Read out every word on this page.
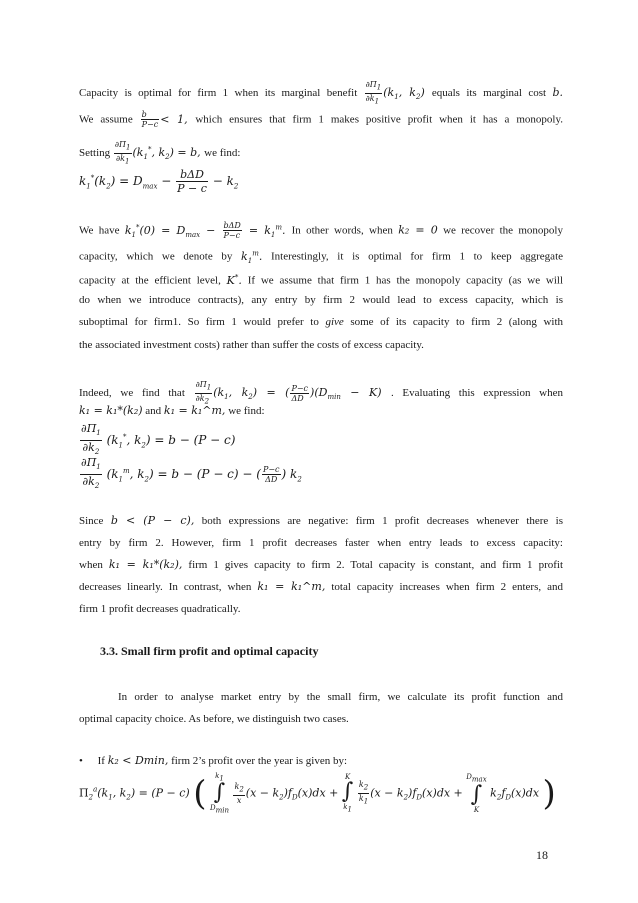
Capacity is optimal for firm 1 when its marginal benefit $\frac{\partial\Pi_1}{\partial k_1} (k_1$, $k_2$) equals its marginal cost b.

We assume $\frac{b}{P-c} < 1$, which ensures that firm 1 makes positive profit when it has a monopoly.

Setting $\frac{\partial\Pi_1}{\partial k_1} (k_1^*$, $k_2) = b$, we find:

$k_1^*(k_2) = D_{max} - \frac{\text{bΔD}}{P - c} - k_2$

We have $k_1^*(0) = D_{max} - \frac{\text{bΔD}}{P-c} = k_1^m$. In other words, when k₂ = 0 we recover the monopoly

capacity, which we denote by $k_1^m$. Interestingly, it is optimal for firm 1 to keep aggregate

capacity at the efficient level, K*. If we assume that firm 1 has the monopoly capacity (as we will

do when we introduce contracts), any entry by firm 2 would lead to excess capacity, which is

suboptimal for firm1. So firm 1 would prefer to give some of its capacity to firm 2 (along with

the associated investment costs) rather than suffer the costs of excess capacity.

Indeed, we find that $\frac{\partial\Pi_1}{\partial k_2} (k_1$, $k_2$) = ( $\frac{P-c}{\Delta D} )(D_{min} - K)$ . Evaluating this expression when

k₁ = k₁*(k₂) and k₁ = k₁^m, we find:

$\frac{\partial\Pi_1}{\partial k_2} (k_1^*$, $k_2) = b - (P - c)$
$\frac{\partial\Pi_1}{\partial k_2} (k_1^m$, $k_2) = b - (P - c)$ − ( $\frac{P-c}{\Delta D}$ ) $k_2$

Since b < (P − c), both expressions are negative: firm 1 profit decreases whenever there is

entry by firm 2. However, firm 1 profit decreases faster when entry leads to excess capacity:

when k₁ = k₁*(k₂), firm 1 gives capacity to firm 2. Total capacity is constant, and firm 1 profit

decreases linearly. In contrast, when k₁ = k₁^m, total capacity increases when firm 2 enters, and

firm 1 profit decreases quadratically.

3.3. Small firm profit and optimal capacity

In order to analyse market entry by the small firm, we calculate its profit function and

optimal capacity choice. As before, we distinguish two cases.

• If k₂ < Dmin, firm 2’s profit over the year is given by:
$\Pi_2^a(k_1$, $k_2) = (P - c)$ (	$k_1$
∫
$D_{min}$

$\frac{k_2}{x} (x - k_2)f_D(x)dx$ +
K
∫
$k_1$

$\frac{k_2}{k_1} (x - k_2)f_D(x)dx$ +
$D_{max}$
∫
K
$k_2f_D(x)dx$ )
18
